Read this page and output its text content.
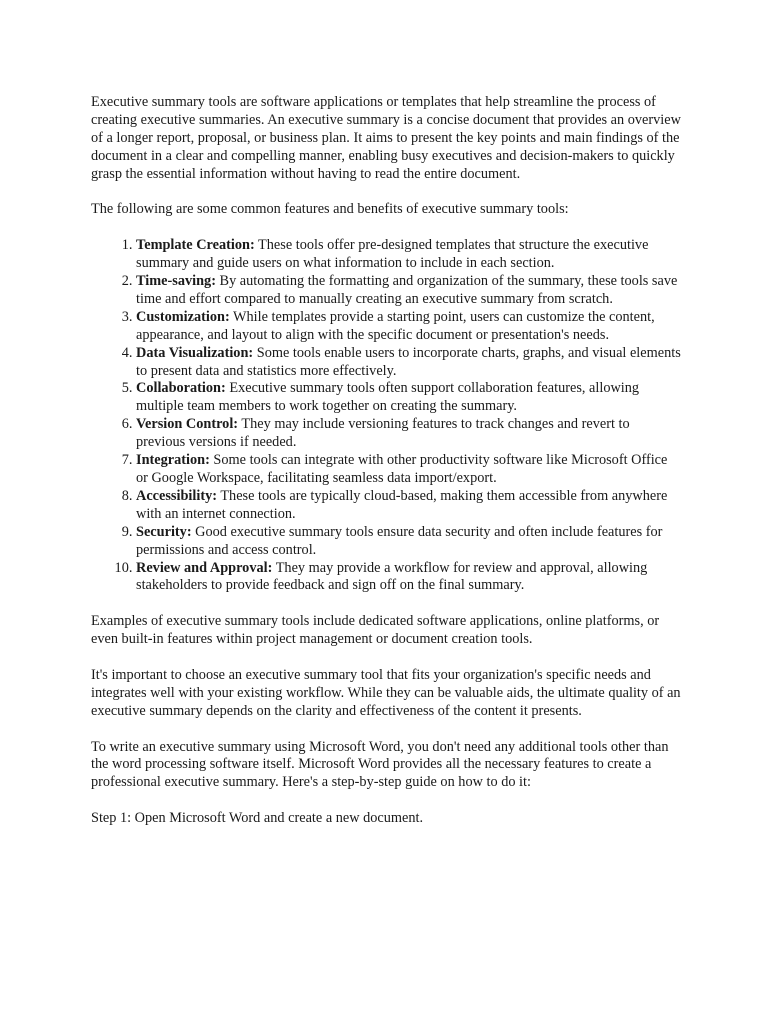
Executive summary tools are software applications or templates that help streamline the process of creating executive summaries. An executive summary is a concise document that provides an overview of a longer report, proposal, or business plan. It aims to present the key points and main findings of the document in a clear and compelling manner, enabling busy executives and decision-makers to quickly grasp the essential information without having to read the entire document.

The following are some common features and benefits of executive summary tools:

1. Template Creation: These tools offer pre-designed templates that structure the executive summary and guide users on what information to include in each section.
2. Time-saving: By automating the formatting and organization of the summary, these tools save time and effort compared to manually creating an executive summary from scratch.
3. Customization: While templates provide a starting point, users can customize the content, appearance, and layout to align with the specific document or presentation's needs.
4. Data Visualization: Some tools enable users to incorporate charts, graphs, and visual elements to present data and statistics more effectively.
5. Collaboration: Executive summary tools often support collaboration features, allowing multiple team members to work together on creating the summary.
6. Version Control: They may include versioning features to track changes and revert to previous versions if needed.
7. Integration: Some tools can integrate with other productivity software like Microsoft Office or Google Workspace, facilitating seamless data import/export.
8. Accessibility: These tools are typically cloud-based, making them accessible from anywhere with an internet connection.
9. Security: Good executive summary tools ensure data security and often include features for permissions and access control.
10. Review and Approval: They may provide a workflow for review and approval, allowing stakeholders to provide feedback and sign off on the final summary.

Examples of executive summary tools include dedicated software applications, online platforms, or even built-in features within project management or document creation tools.

It's important to choose an executive summary tool that fits your organization's specific needs and integrates well with your existing workflow. While they can be valuable aids, the ultimate quality of an executive summary depends on the clarity and effectiveness of the content it presents.

To write an executive summary using Microsoft Word, you don't need any additional tools other than the word processing software itself. Microsoft Word provides all the necessary features to create a professional executive summary. Here's a step-by-step guide on how to do it:

Step 1: Open Microsoft Word and create a new document.
